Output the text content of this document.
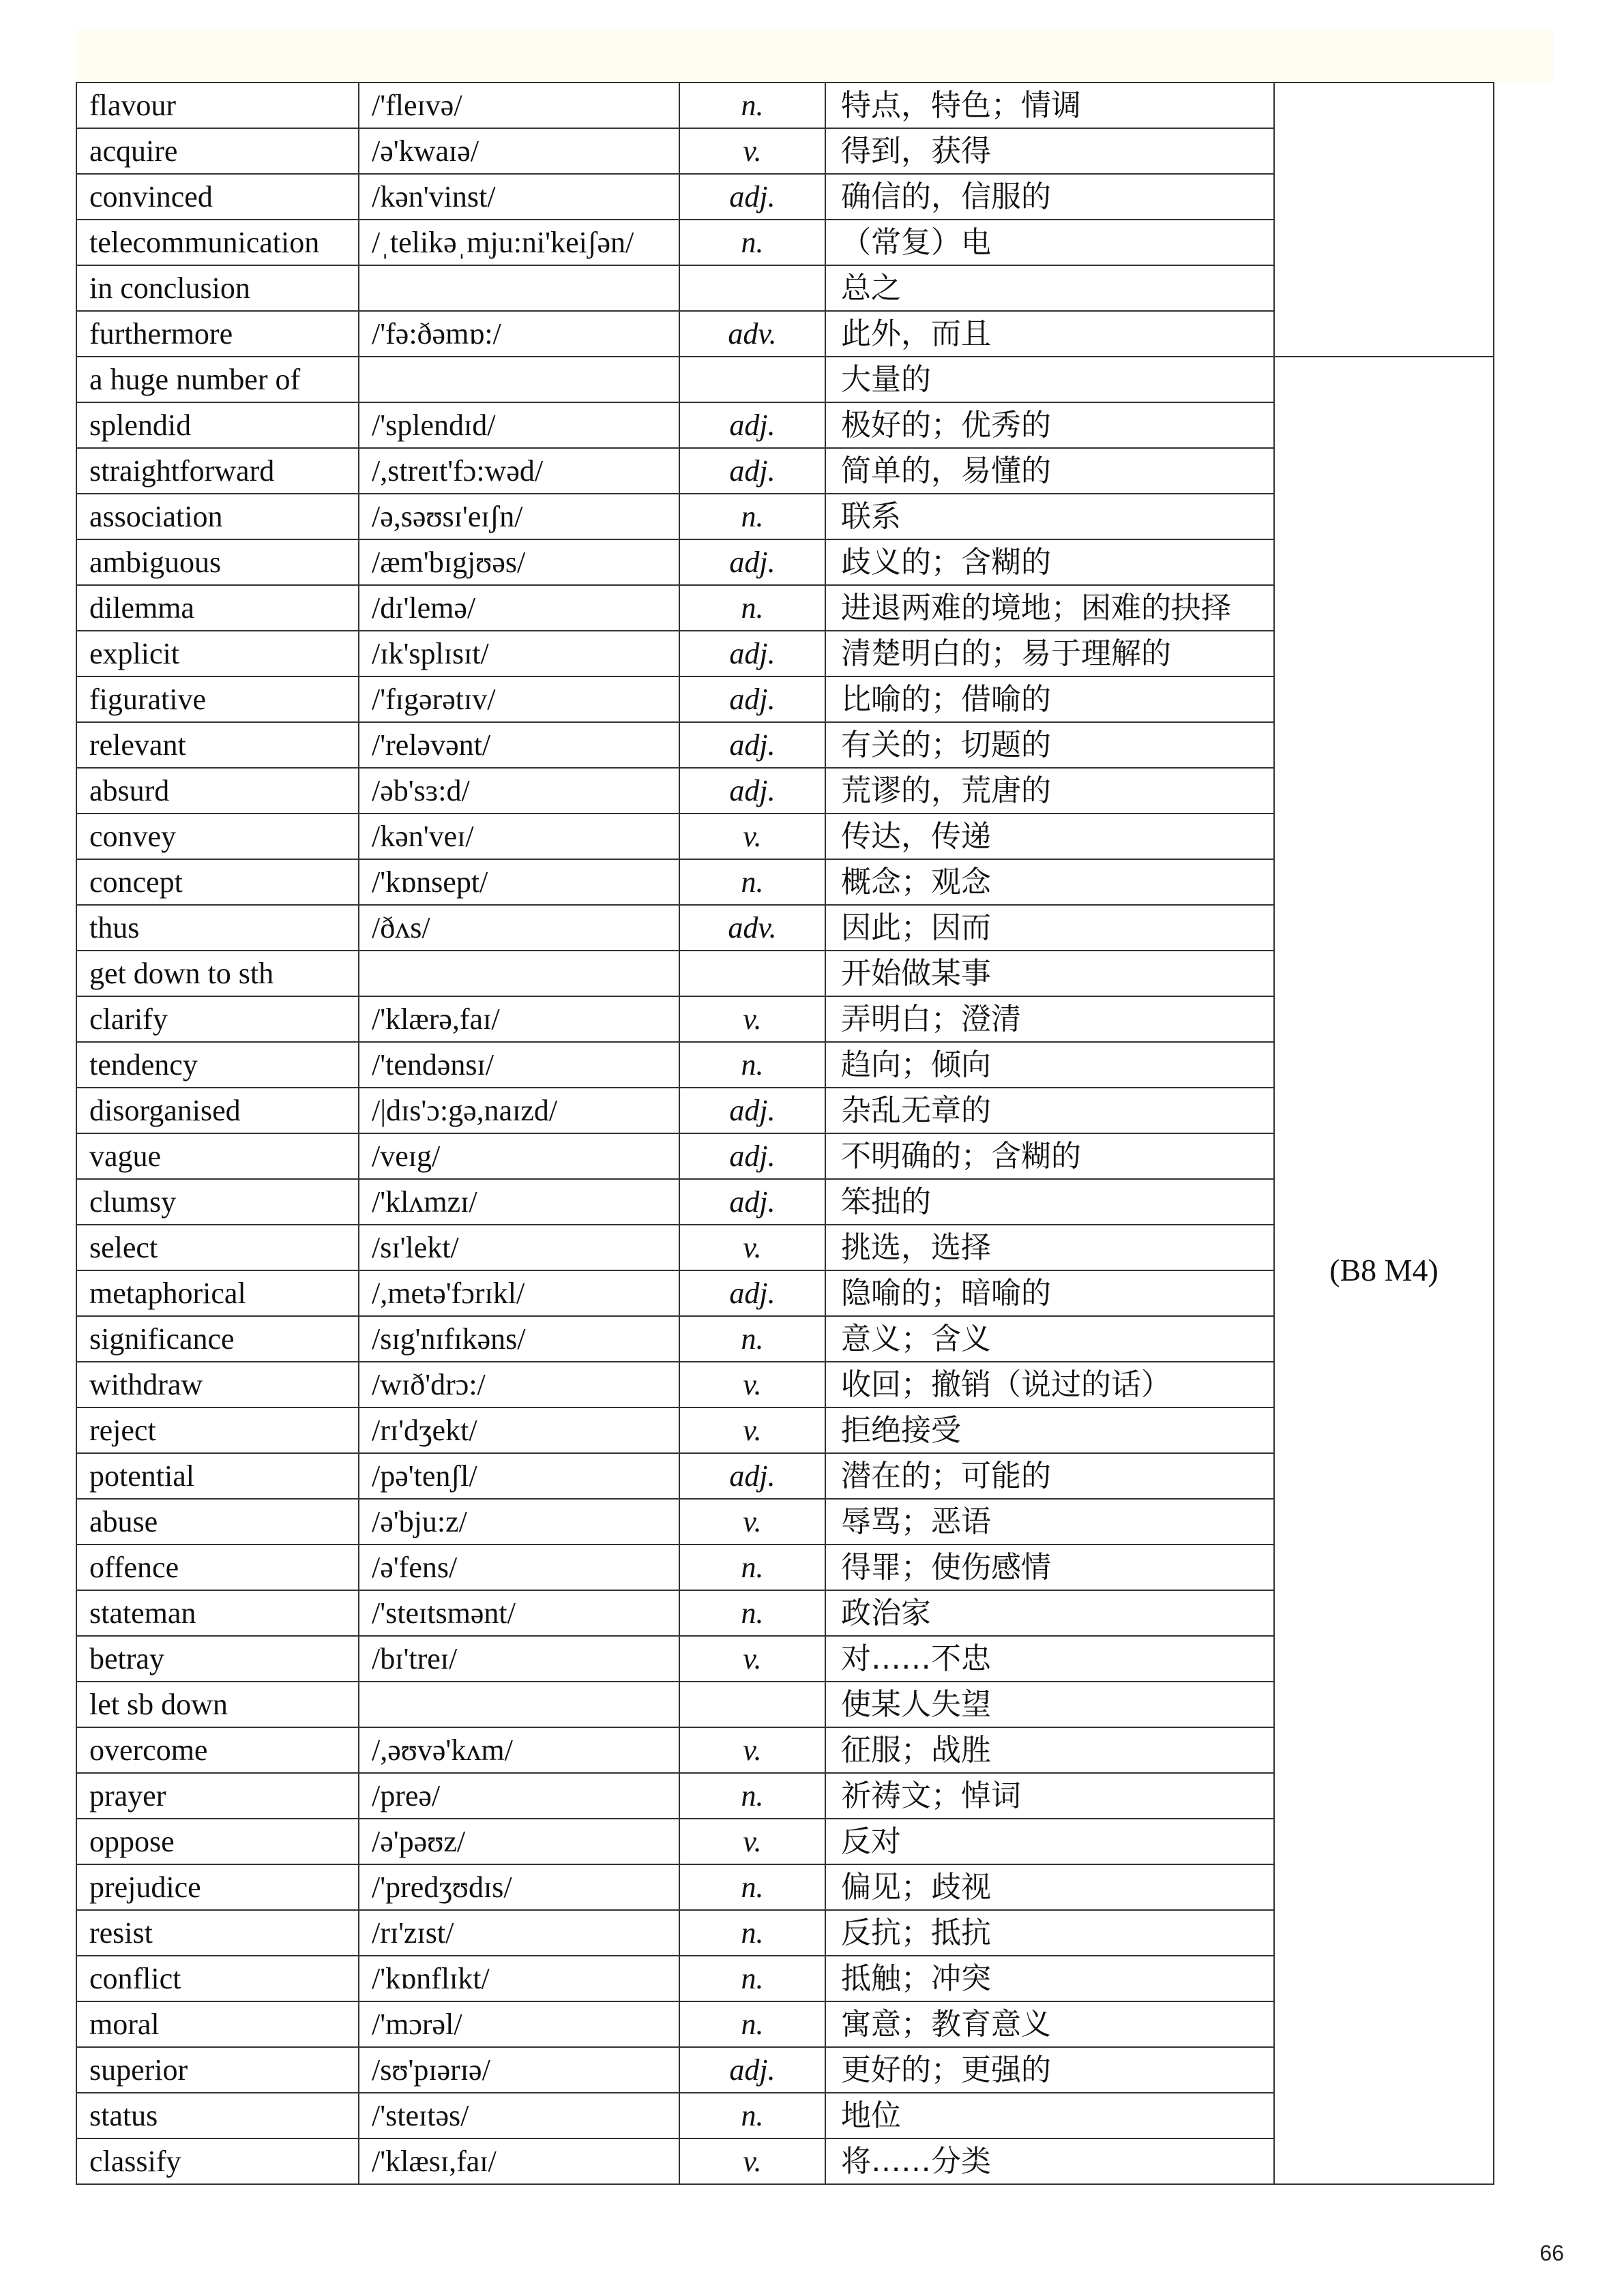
flavour	/'fleɪvə/	n.	特点，特色；情调	
acquire	/ə'kwaɪə/	v.	得到，获得	
convinced	/kən'vinst/	adj.	确信的，信服的	
telecommunication	/ˌtelikəˌmju:ni'keiʃən/	n.	（常复）电	
in conclusion			总之	
furthermore	/'fə:ðəmɒ:/	adv.	此外，而且	
a huge number of			大量的	(B8 M4)
splendid	/'splendɪd/	adj.	极好的；优秀的	
straightforward	/,streɪt'fɔ:wəd/	adj.	简单的，易懂的	
association	/ə,səʊsɪ'eɪʃn/	n.	联系	
ambiguous	/æm'bɪgjʊəs/	adj.	歧义的；含糊的	
dilemma	/dɪ'lemə/	n.	进退两难的境地；困难的抉择	
explicit	/ɪk'splɪsɪt/	adj.	清楚明白的；易于理解的	
figurative	/'fɪgərətɪv/	adj.	比喻的；借喻的	
relevant	/'reləvənt/	adj.	有关的；切题的	
absurd	/əb'sɜ:d/	adj.	荒谬的，荒唐的	
convey	/kən'veɪ/	v.	传达，传递	
concept	/'kɒnsept/	n.	概念；观念	
thus	/ðʌs/	adv.	因此；因而	
get down to sth			开始做某事	
clarify	/'klærə,faɪ/	v.	弄明白；澄清	
tendency	/'tendənsɪ/	n.	趋向；倾向	
disorganised	/|dɪs'ɔ:gə,naɪzd/	adj.	杂乱无章的	
vague	/veɪg/	adj.	不明确的；含糊的	
clumsy	/'klʌmzɪ/	adj.	笨拙的	
select	/sɪ'lekt/	v.	挑选，选择	
metaphorical	/,metə'fɔrɪkl/	adj.	隐喻的；暗喻的	
significance	/sɪg'nɪfɪkəns/	n.	意义；含义	
withdraw	/wɪð'drɔ:/	v.	收回；撤销（说过的话）	
reject	/rɪ'dʒekt/	v.	拒绝接受	
potential	/pə'tenʃl/	adj.	潜在的；可能的	
abuse	/ə'bju:z/	v.	辱骂；恶语	
offence	/ə'fens/	n.	得罪；使伤感情	
stateman	/'steɪtsmənt/	n.	政治家	
betray	/bɪ'treɪ/	v.	对……不忠	
let sb down			使某人失望	
overcome	/,əʊvə'kʌm/	v.	征服；战胜	
prayer	/preə/	n.	祈祷文；悼词	
oppose	/ə'pəʊz/	v.	反对	
prejudice	/'predʒʊdɪs/	n.	偏见；歧视	
resist	/rɪ'zɪst/	n.	反抗；抵抗	
conflict	/'kɒnflɪkt/	n.	抵触；冲突	
moral	/'mɔrəl/	n.	寓意；教育意义	
superior	/sʊ'pɪərɪə/	adj.	更好的；更强的	
status	/'steɪtəs/	n.	地位	
classify	/'klæsɪ,faɪ/	v.	将……分类	
66
